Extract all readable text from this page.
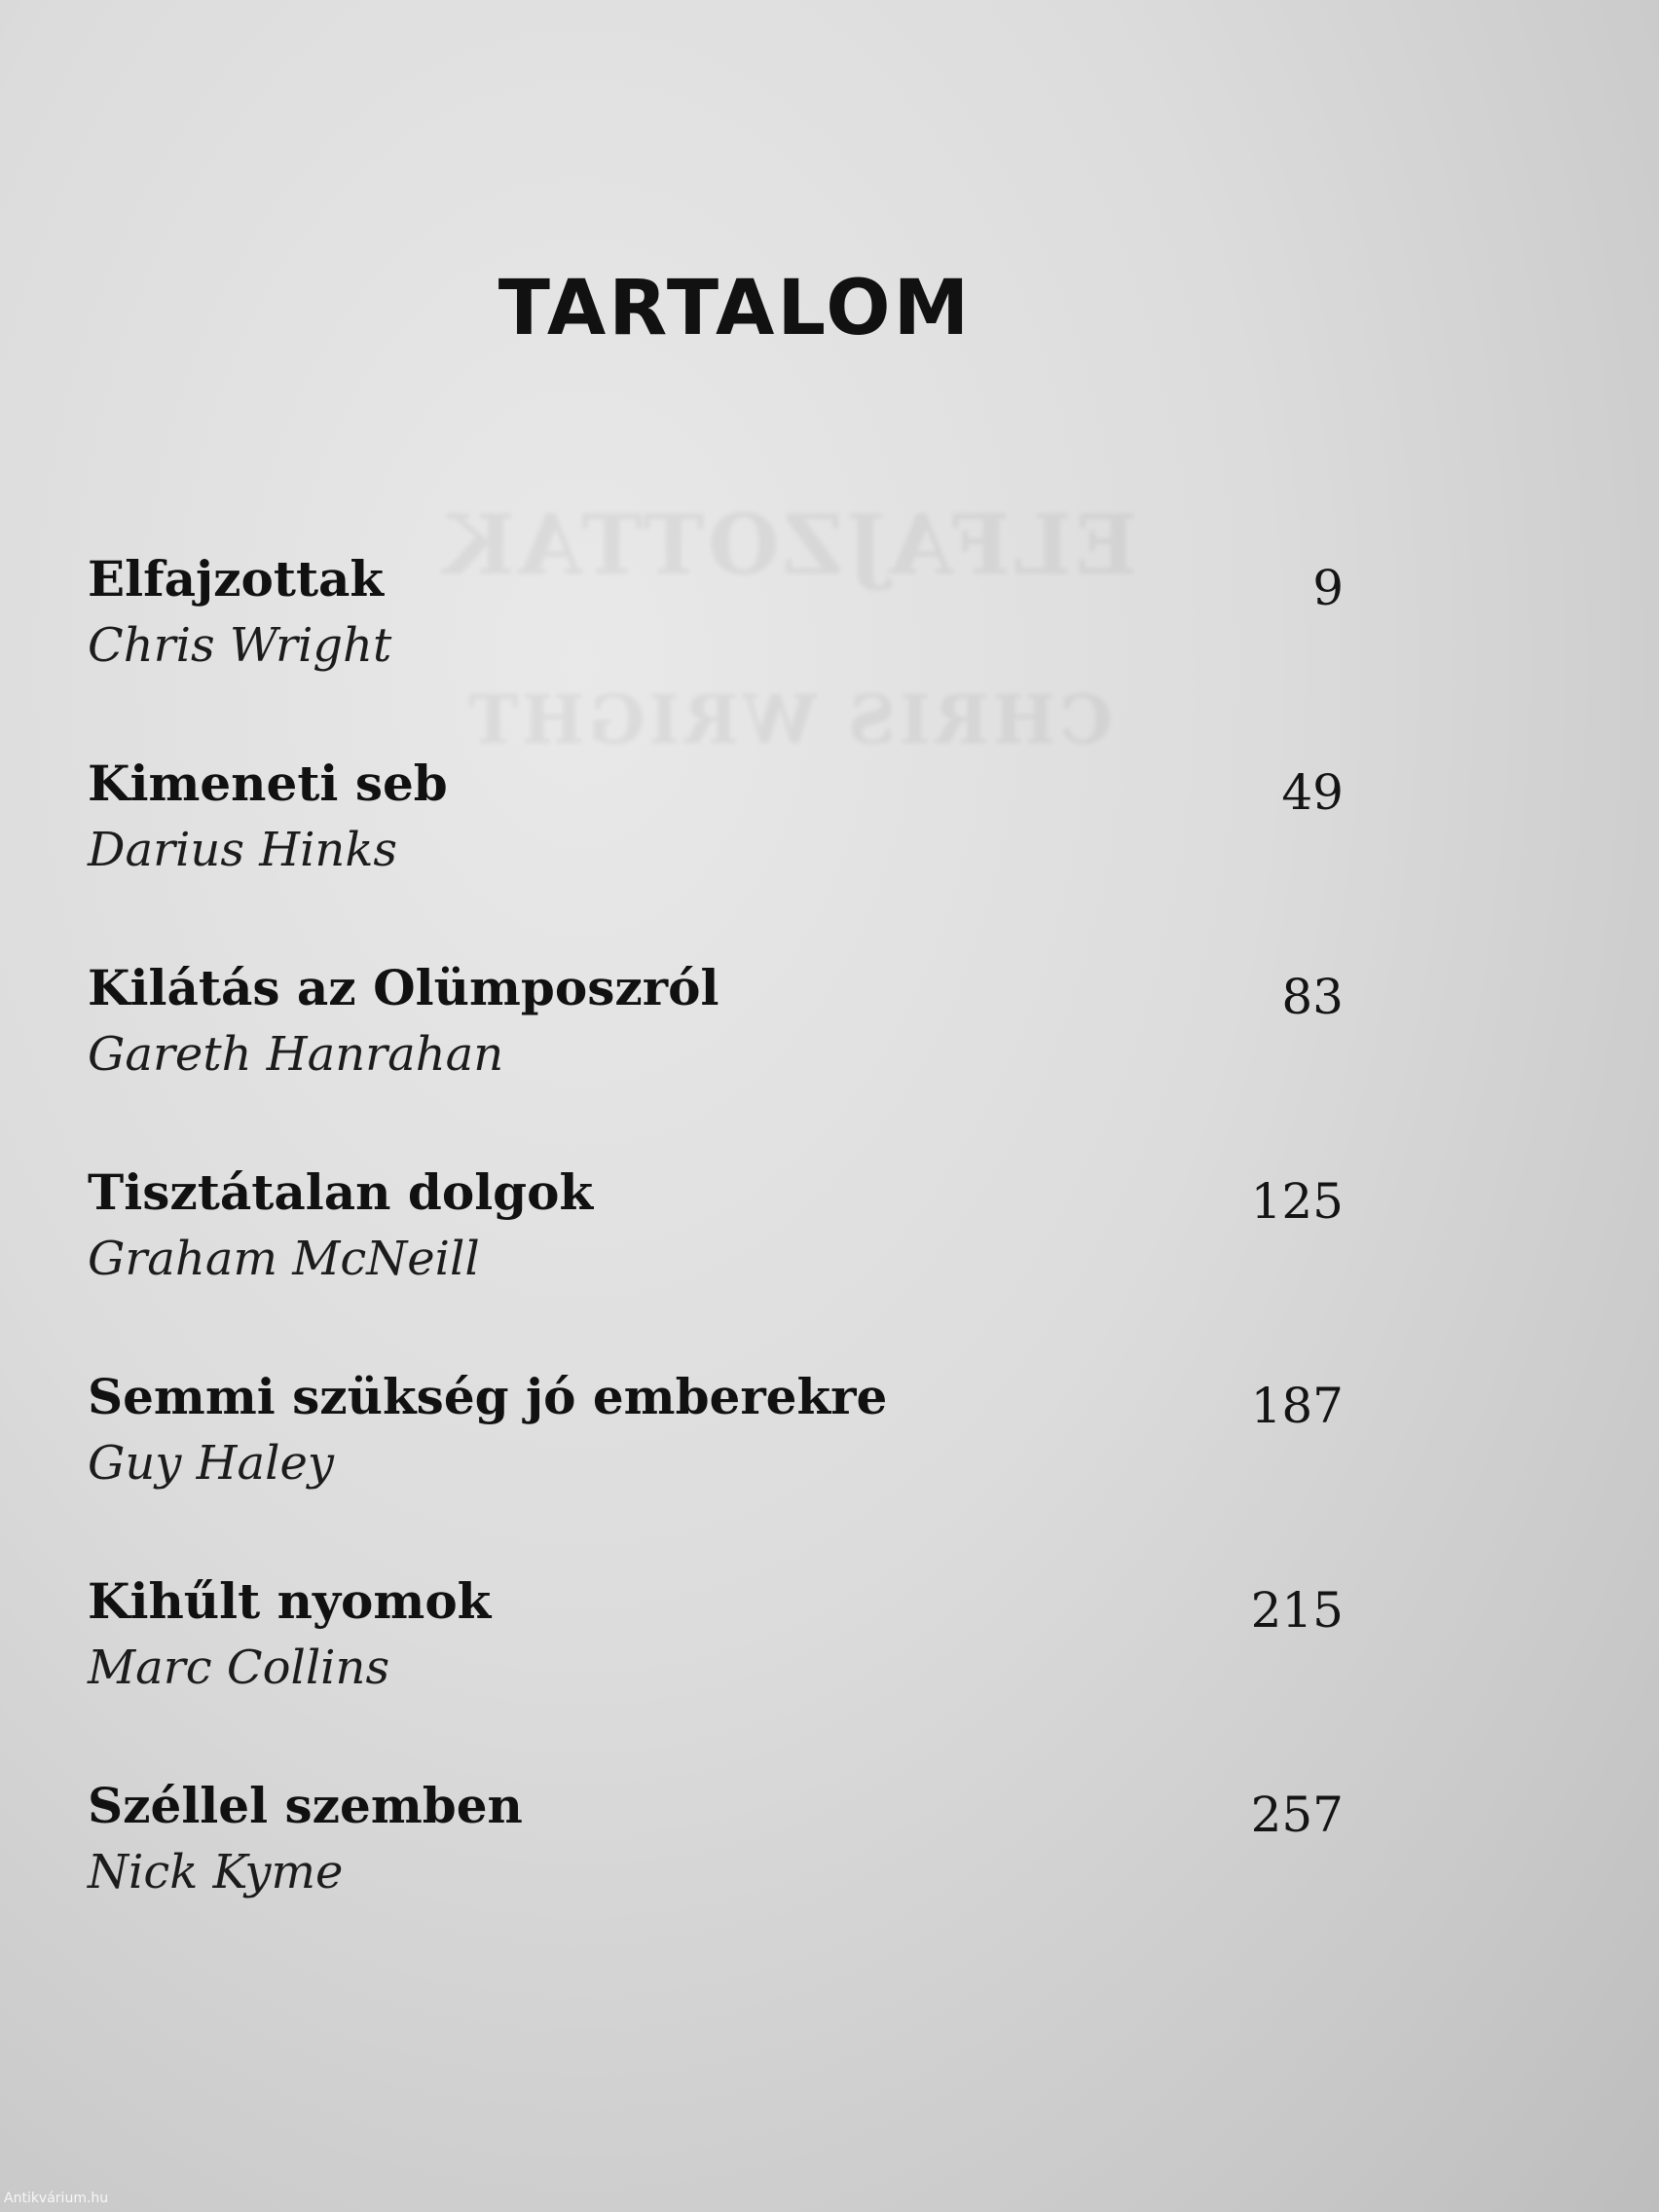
ELFAJZOTTAK
CHRIS WRIGHT
TARTALOM
Elfajzottak
Chris Wright
9
Kimeneti seb
Darius Hinks
49
Kilátás az Olümposzról
Gareth Hanrahan
83
Tisztátalan dolgok
Graham McNeill
125
Semmi szükség jó emberekre
Guy Haley
187
Kihűlt nyomok
Marc Collins
215
Széllel szemben
Nick Kyme
257
Antikvárium.hu
